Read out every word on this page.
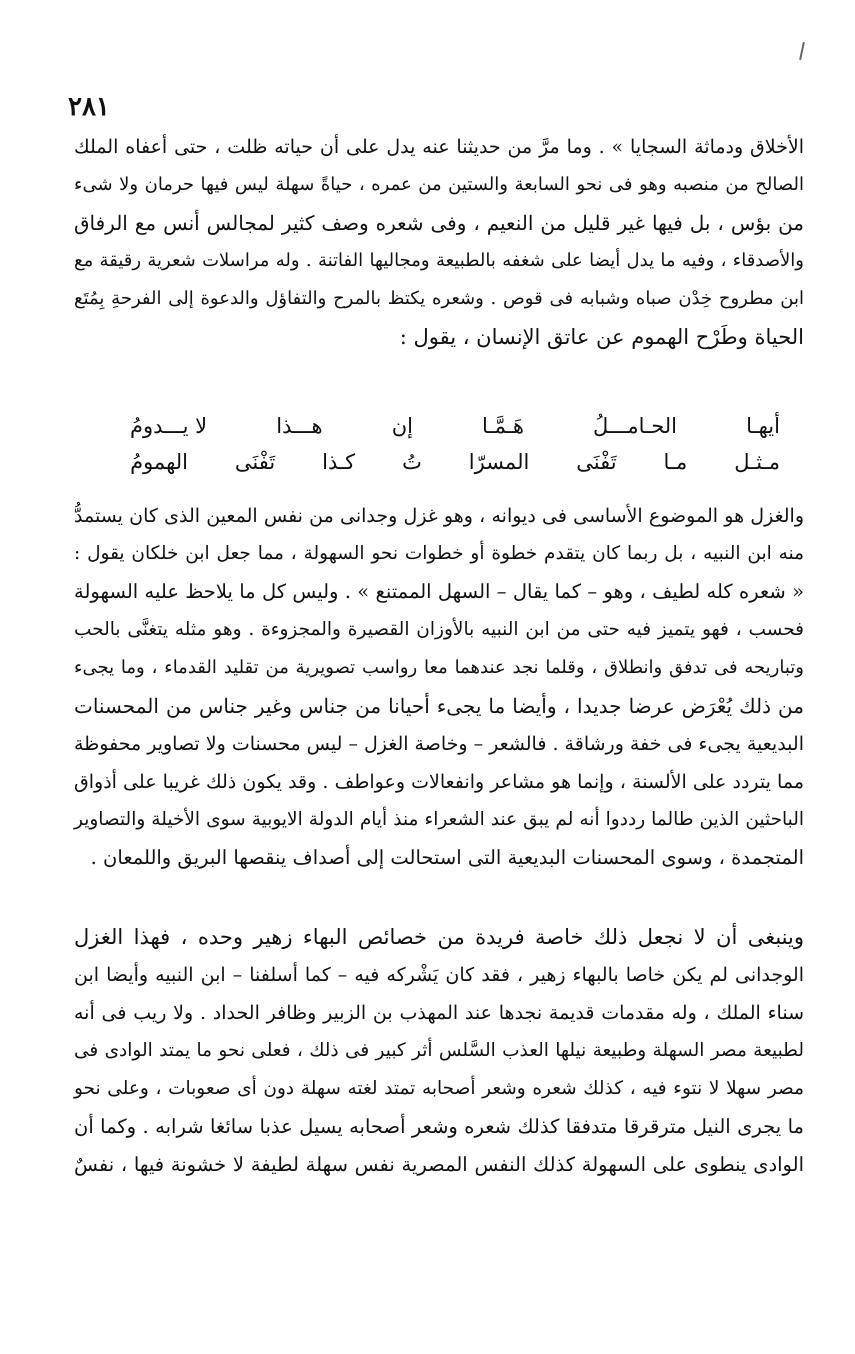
٢٨١

الأخلاق ودماثة السجايا » . وما مرَّ من حديثنا عنه يدل على أن حياته ظلت ، حتى أعفاه الملك

الصالح من منصبه وهو فى نحو السابعة والستين من عمره ، حياةً سهلة ليس فيها حرمان ولا شىء

من بؤس ، بل فيها غير قليل من النعيم ، وفى شعره وصف كثير لمجالس أنس مع الرفاق

والأصدقاء ، وفيه ما يدل أيضا على شغفه بالطبيعة ومجاليها الفاتنة . وله مراسلات شعرية رقيقة مع

ابن مطروح خِدْن صباه وشبابه فى قوص . وشعره يكتظ بالمرح والتفاؤل والدعوة إلى الفرحةِ بِمُتَع

الحياة وطَرْح الهموم عن عاتق الإنسان ، يقول :

أيهـا
الحـامـــلُ
هَـمَّـا
إن
هـــذا
لا يـــدومُ
مـثـل
مـا
تَفْنَى
المسرّا
تُ
كـذا
تَفْنَى
الهمومُ

والغزل هو الموضوع الأساسى فى ديوانه ، وهو غزل وجدانى من نفس المعين الذى كان يستمدُّ

منه ابن النبيه ، بل ربما كان يتقدم خطوة أو خطوات نحو السهولة ، مما جعل ابن خلكان يقول :

« شعره كله لطيف ، وهو – كما يقال – السهل الممتنع » . وليس كل ما يلاحظ عليه السهولة

فحسب ، فهو يتميز فيه حتى من ابن النبيه بالأوزان القصيرة والمجزوءة . وهو مثله يتغنَّى بالحب

وتباريحه فى تدفق وانطلاق ، وقلما نجد عندهما معا رواسب تصويرية من تقليد القدماء ، وما يجىء

من ذلك يُعْرَض عرضا جديدا ، وأيضا ما يجىء أحيانا من جناس وغير جناس من المحسنات

البديعية يجىء فى خفة ورشاقة . فالشعر – وخاصة الغزل – ليس محسنات ولا تصاوير محفوظة

مما يتردد على الألسنة ، وإنما هو مشاعر وانفعالات وعواطف . وقد يكون ذلك غريبا على أذواق

الباحثين الذين طالما رددوا أنه لم يبق عند الشعراء منذ أيام الدولة الايوبية سوى الأخيلة والتصاوير

المتجمدة ، وسوى المحسنات البديعية التى استحالت إلى أصداف ينقصها البريق واللمعان .

وينبغى أن لا نجعل ذلك خاصة فريدة من خصائص البهاء زهير وحده ، فهذا الغزل

الوجدانى لم يكن خاصا بالبهاء زهير ، فقد كان يَشْركه فيه – كما أسلفنا – ابن النبيه وأيضا ابن

سناء الملك ، وله مقدمات قديمة نجدها عند المهذب بن الزبير وظافر الحداد . ولا ريب فى أنه

لطبيعة مصر السهلة وطبيعة نيلها العذب السَّلس أثر كبير فى ذلك ، فعلى نحو ما يمتد الوادى فى

مصر سهلا لا نتوء فيه ، كذلك شعره وشعر أصحابه تمتد لغته سهلة دون أى صعوبات ، وعلى نحو

ما يجرى النيل مترقرقا متدفقا كذلك شعره وشعر أصحابه يسيل عذبا سائغا شرابه . وكما أن

الوادى ينطوى على السهولة كذلك النفس المصرية نفس سهلة لطيفة لا خشونة فيها ، نفسٌ
